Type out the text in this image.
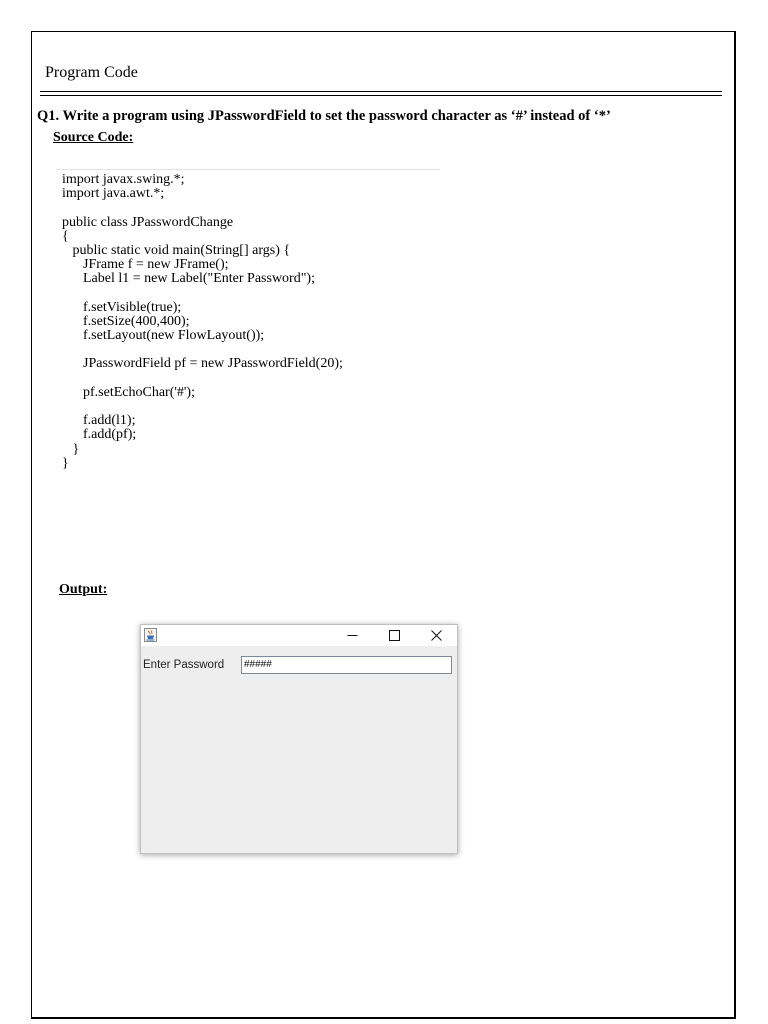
Program Code
Q1. Write a program using JPasswordField to set the password character as ‘#’ instead of ‘*’
Source Code:
import javax.swing.*;
import java.awt.*;
public class JPasswordChange
{
public static void main(String[] args) {
JFrame f = new JFrame();
Label l1 = new Label("Enter Password");
f.setVisible(true);
f.setSize(400,400);
f.setLayout(new FlowLayout());
JPasswordField pf = new JPasswordField(20);
pf.setEchoChar('#');
f.add(l1);
f.add(pf);
}
}
Output:
Enter Password	#####
